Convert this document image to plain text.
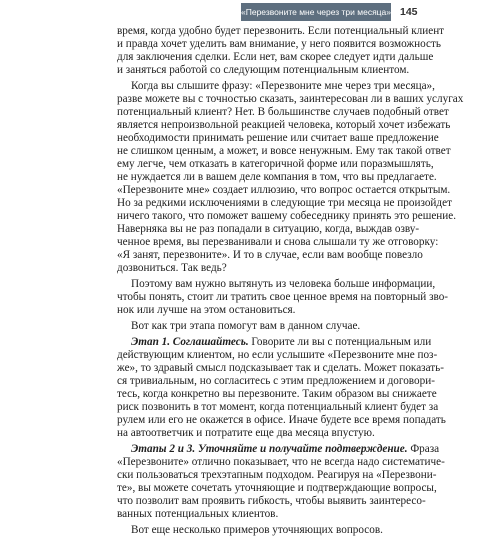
«Перезвоните мне через три месяца» 145
время, когда удобно будет перезвонить. Если потенциальный клиент
и правда хочет уделить вам внимание, у него появится возможность
для заключения сделки. Если нет, вам скорее следует идти дальше
и заняться работой со следующим потенциальным клиентом.
Когда вы слышите фразу: «Перезвоните мне через три месяца»,
разве можете вы с точностью сказать, заинтересован ли в ваших услугах
потенциальный клиент? Нет. В большинстве случаев подобный ответ
является непроизвольной реакцией человека, который хочет избежать
необходимости принимать решение или считает ваше предложение
не слишком ценным, а может, и вовсе ненужным. Ему так такой ответ
ему легче, чем отказать в категоричной форме или поразмышлять,
не нуждается ли в вашем деле компания в том, что вы предлагаете.
«Перезвоните мне» создает иллюзию, что вопрос остается открытым.
Но за редкими исключениями в следующие три месяца не произойдет
ничего такого, что поможет вашему собеседнику принять это решение.
Наверняка вы не раз попадали в ситуацию, когда, выждав озву-
ченное время, вы перезванивали и снова слышали ту же отговорку:
«Я занят, перезвоните». И то в случае, если вам вообще повезло
дозвониться. Так ведь?
Поэтому вам нужно вытянуть из человека больше информации,
чтобы понять, стоит ли тратить свое ценное время на повторный зво-
нок или лучше на этом остановиться.
Вот как три этапа помогут вам в данном случае.
Этап 1. Соглашайтесь. Говорите ли вы с потенциальным или
действующим клиентом, но если услышите «Перезвоните мне поз-
же», то здравый смысл подсказывает так и сделать. Может показать-
ся тривиальным, но согласитесь с этим предложением и договори-
тесь, когда конкретно вы перезвоните. Таким образом вы снижаете
риск позвонить в тот момент, когда потенциальный клиент будет за
рулем или его не окажется в офисе. Иначе будете все время попадать
на автоответчик и потратите еще два месяца впустую.
Этапы 2 и 3. Уточняйте и получайте подтверждение. Фраза
«Перезвоните» отлично показывает, что не всегда надо систематиче-
ски пользоваться трехэтапным подходом. Реагируя на «Перезвони-
те», вы можете сочетать уточняющие и подтверждающие вопросы,
что позволит вам проявить гибкость, чтобы выявить заинтересо-
ванных потенциальных клиентов.
Вот еще несколько примеров уточняющих вопросов.
